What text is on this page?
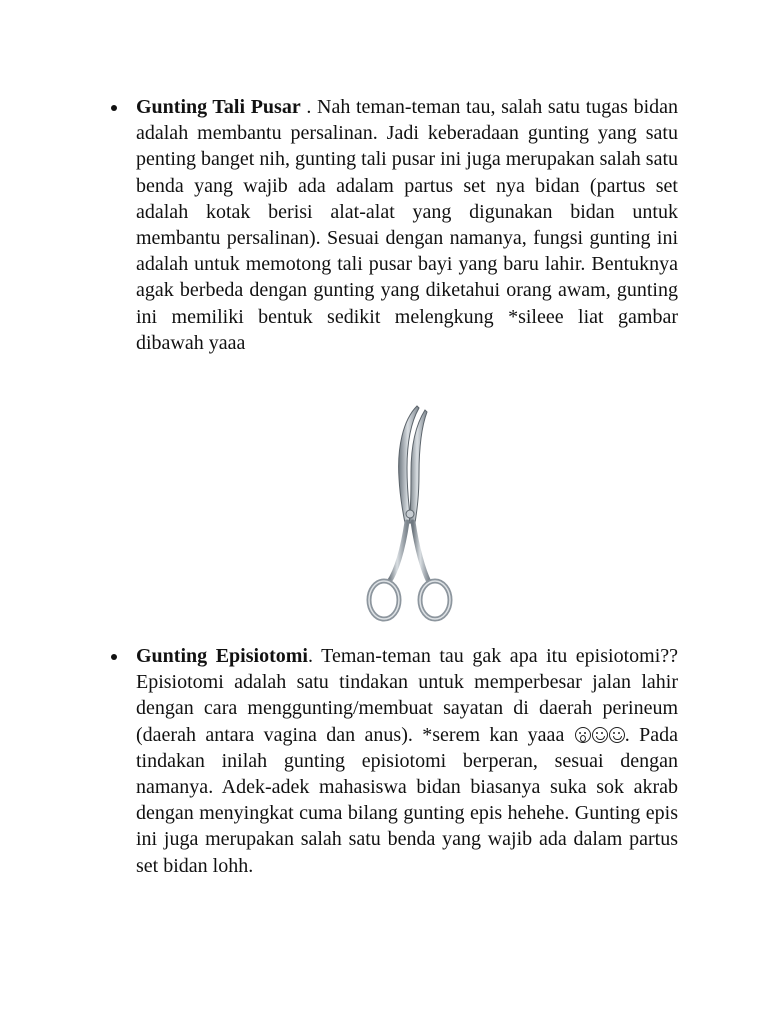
Gunting Tali Pusar . Nah teman-teman tau, salah satu tugas bidan adalah membantu persalinan. Jadi keberadaan gunting yang satu penting banget nih, gunting tali pusar ini juga merupakan salah satu benda yang wajib ada adalam partus set nya bidan (partus set adalah kotak berisi alat-alat yang digunakan bidan untuk membantu persalinan). Sesuai dengan namanya, fungsi gunting ini adalah untuk memotong tali pusar bayi yang baru lahir. Bentuknya agak berbeda dengan gunting yang diketahui orang awam, gunting ini memiliki bentuk sedikit melengkung *sileee liat gambar dibawah yaaa
Gunting Episiotomi. Teman-teman tau gak apa itu episiotomi?? Episiotomi adalah satu tindakan untuk memperbesar jalan lahir dengan cara menggunting/membuat sayatan di daerah perineum (daerah antara vagina dan anus). *serem kan yaaa	. Pada tindakan inilah gunting episiotomi berperan, sesuai dengan namanya. Adek-adek mahasiswa bidan biasanya suka sok akrab dengan menyingkat cuma bilang gunting epis hehehe. Gunting epis ini juga merupakan salah satu benda yang wajib ada dalam partus set bidan lohh.
